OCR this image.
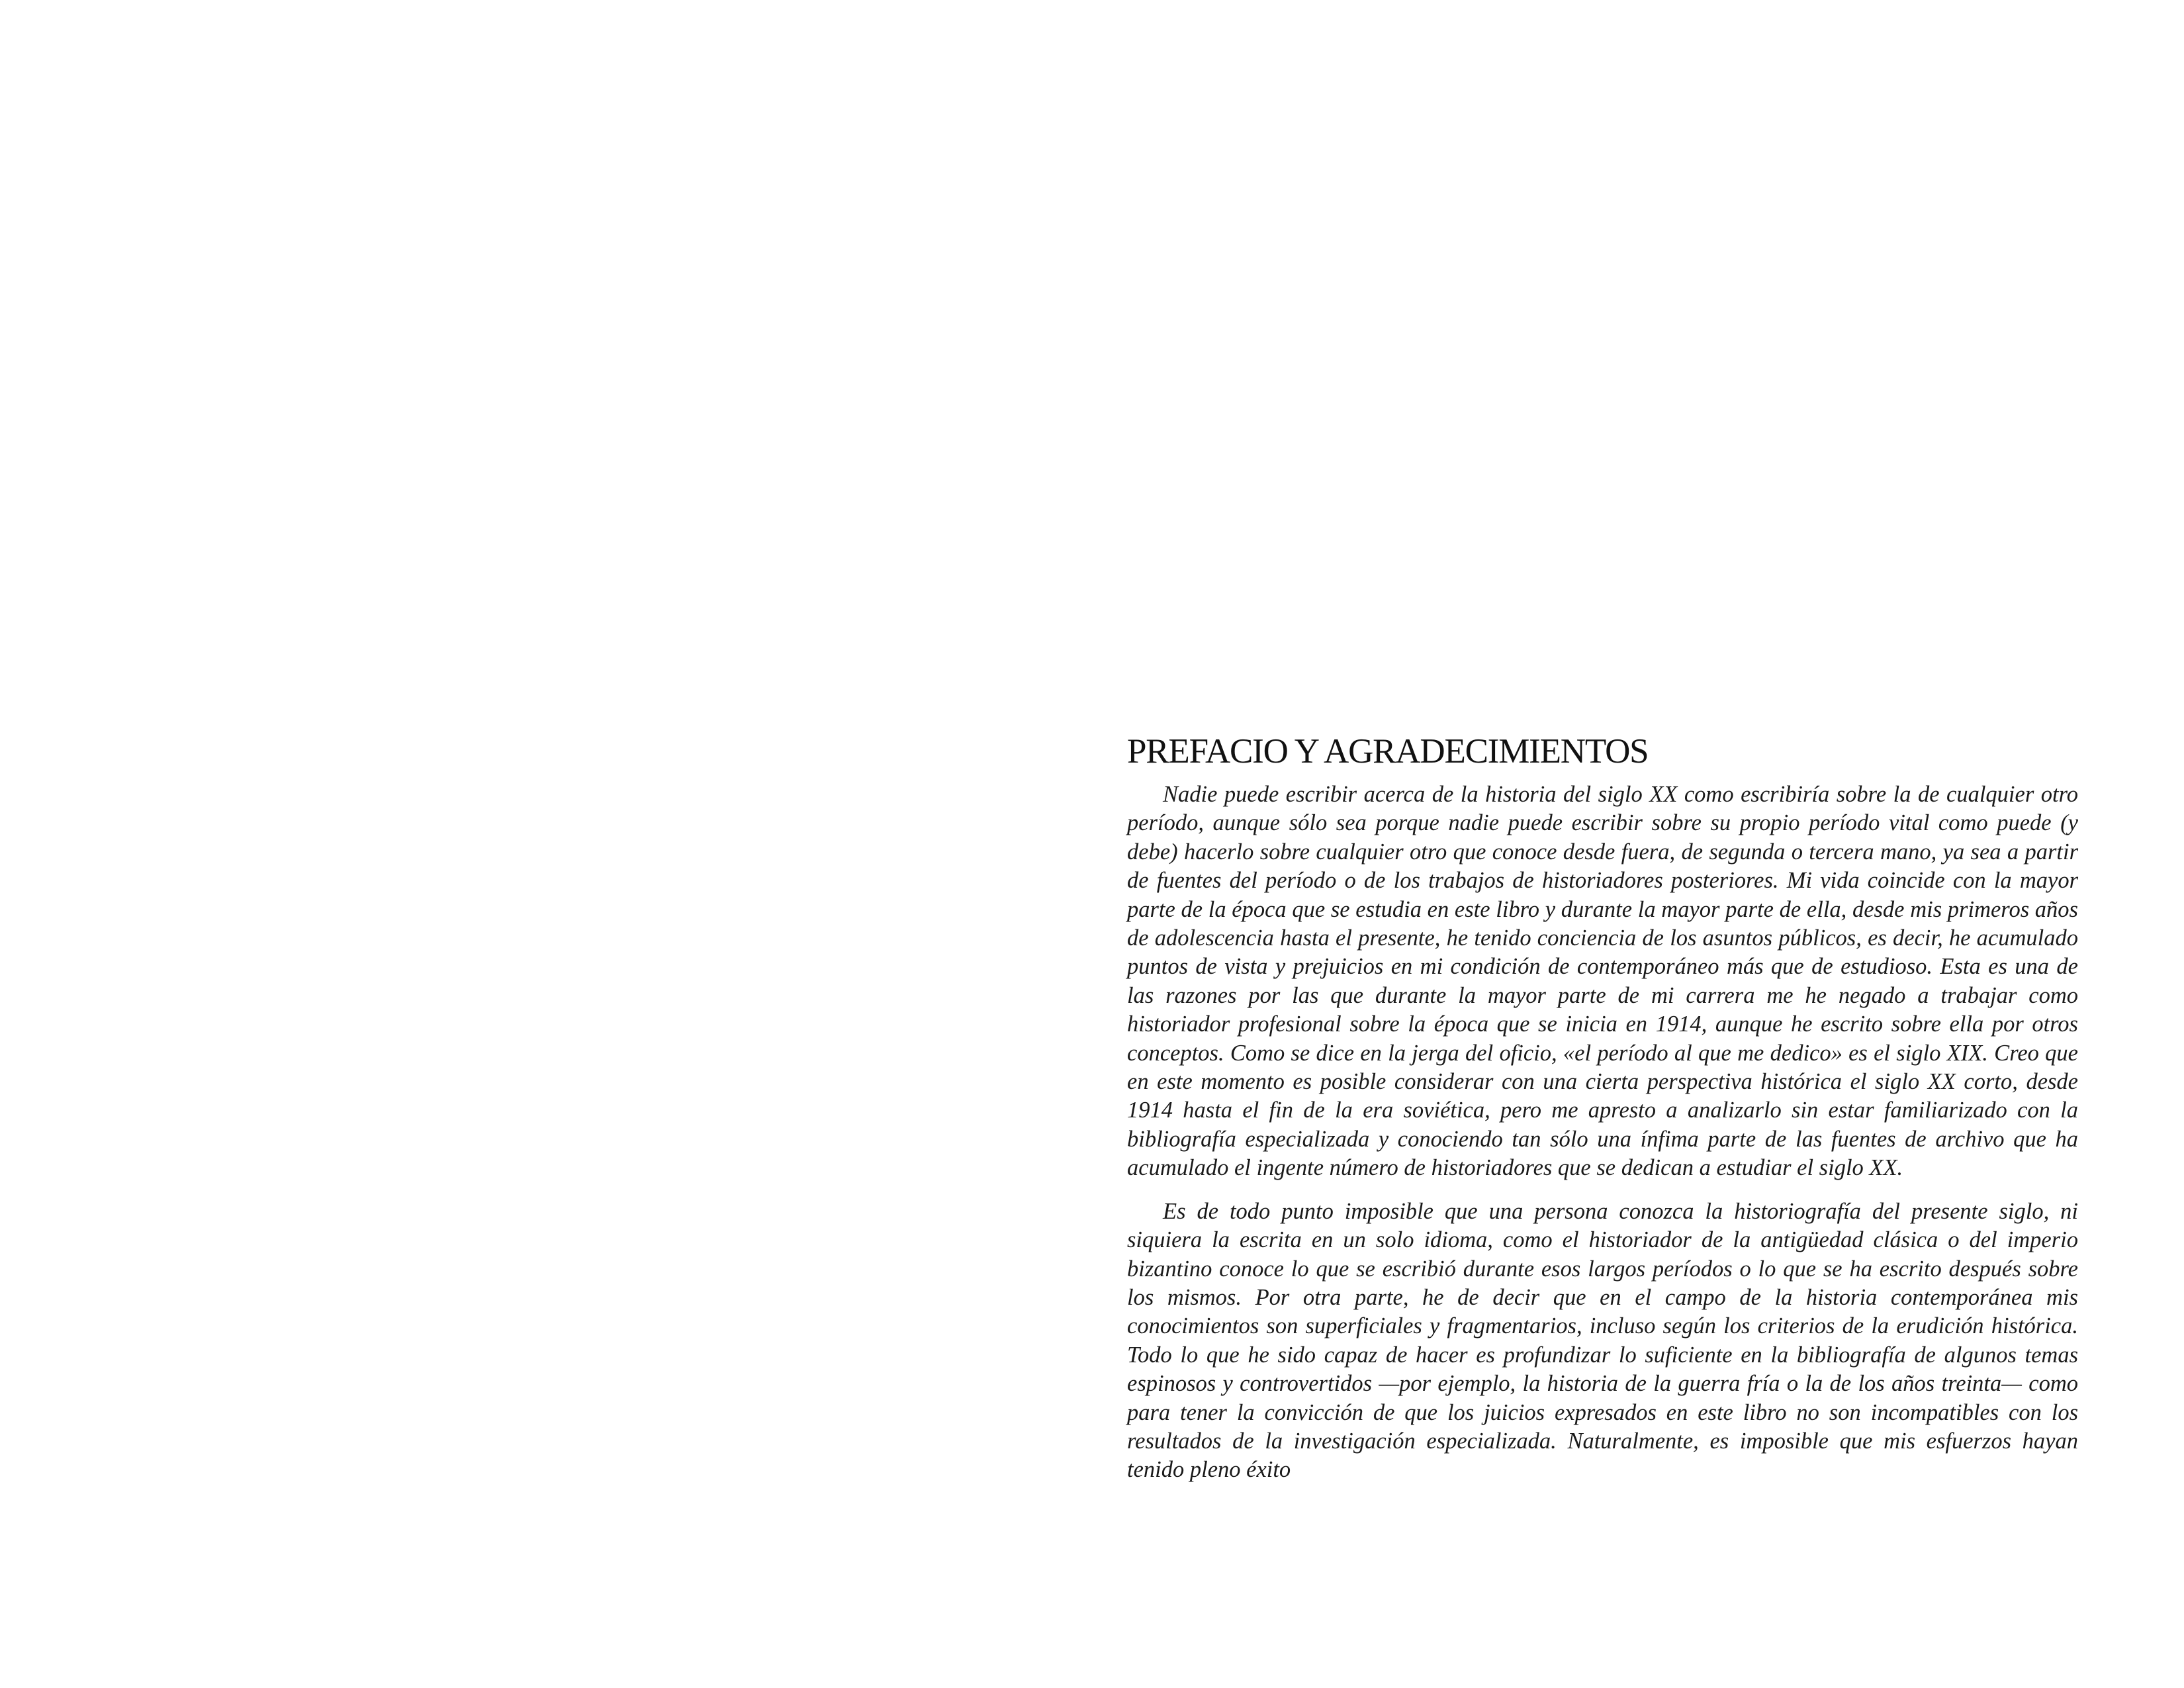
PREFACIO Y AGRADECIMIENTOS

Nadie puede escribir acerca de la historia del siglo XX como escribiría sobre la de cualquier otro período, aunque sólo sea porque nadie puede escribir sobre su propio período vital como puede (y debe) hacerlo sobre cualquier otro que conoce desde fuera, de segunda o tercera mano, ya sea a partir de fuentes del período o de los trabajos de historiadores posteriores. Mi vida coincide con la mayor parte de la época que se estudia en este libro y durante la mayor parte de ella, desde mis primeros años de adolescencia hasta el presente, he tenido conciencia de los asuntos públicos, es decir, he acumulado puntos de vista y prejuicios en mi condición de contemporáneo más que de estudioso. Esta es una de las razones por las que durante la mayor parte de mi carrera me he negado a trabajar como historiador profesional sobre la época que se inicia en 1914, aunque he escrito sobre ella por otros conceptos. Como se dice en la jerga del oficio, «el período al que me dedico» es el siglo XIX. Creo que en este momento es posible considerar con una cierta perspectiva histórica el siglo XX corto, desde 1914 hasta el fin de la era soviética, pero me apresto a analizarlo sin estar familiarizado con la bibliografía especializada y conociendo tan sólo una ínfima parte de las fuentes de archivo que ha acumulado el ingente número de historiadores que se dedican a estudiar el siglo XX.

Es de todo punto imposible que una persona conozca la historiografía del presente siglo, ni siquiera la escrita en un solo idioma, como el historiador de la antigüedad clásica o del imperio bizantino conoce lo que se escribió durante esos largos períodos o lo que se ha escrito después sobre los mismos. Por otra parte, he de decir que en el campo de la historia contemporánea mis conocimientos son superficiales y fragmentarios, incluso según los criterios de la erudición histórica. Todo lo que he sido capaz de hacer es profundizar lo suficiente en la bibliografía de algunos temas espinosos y controvertidos —por ejemplo, la historia de la guerra fría o la de los años treinta— como para tener la convicción de que los juicios expresados en este libro no son incompatibles con los resultados de la investigación especializada. Naturalmente, es imposible que mis esfuerzos hayan tenido pleno éxito
